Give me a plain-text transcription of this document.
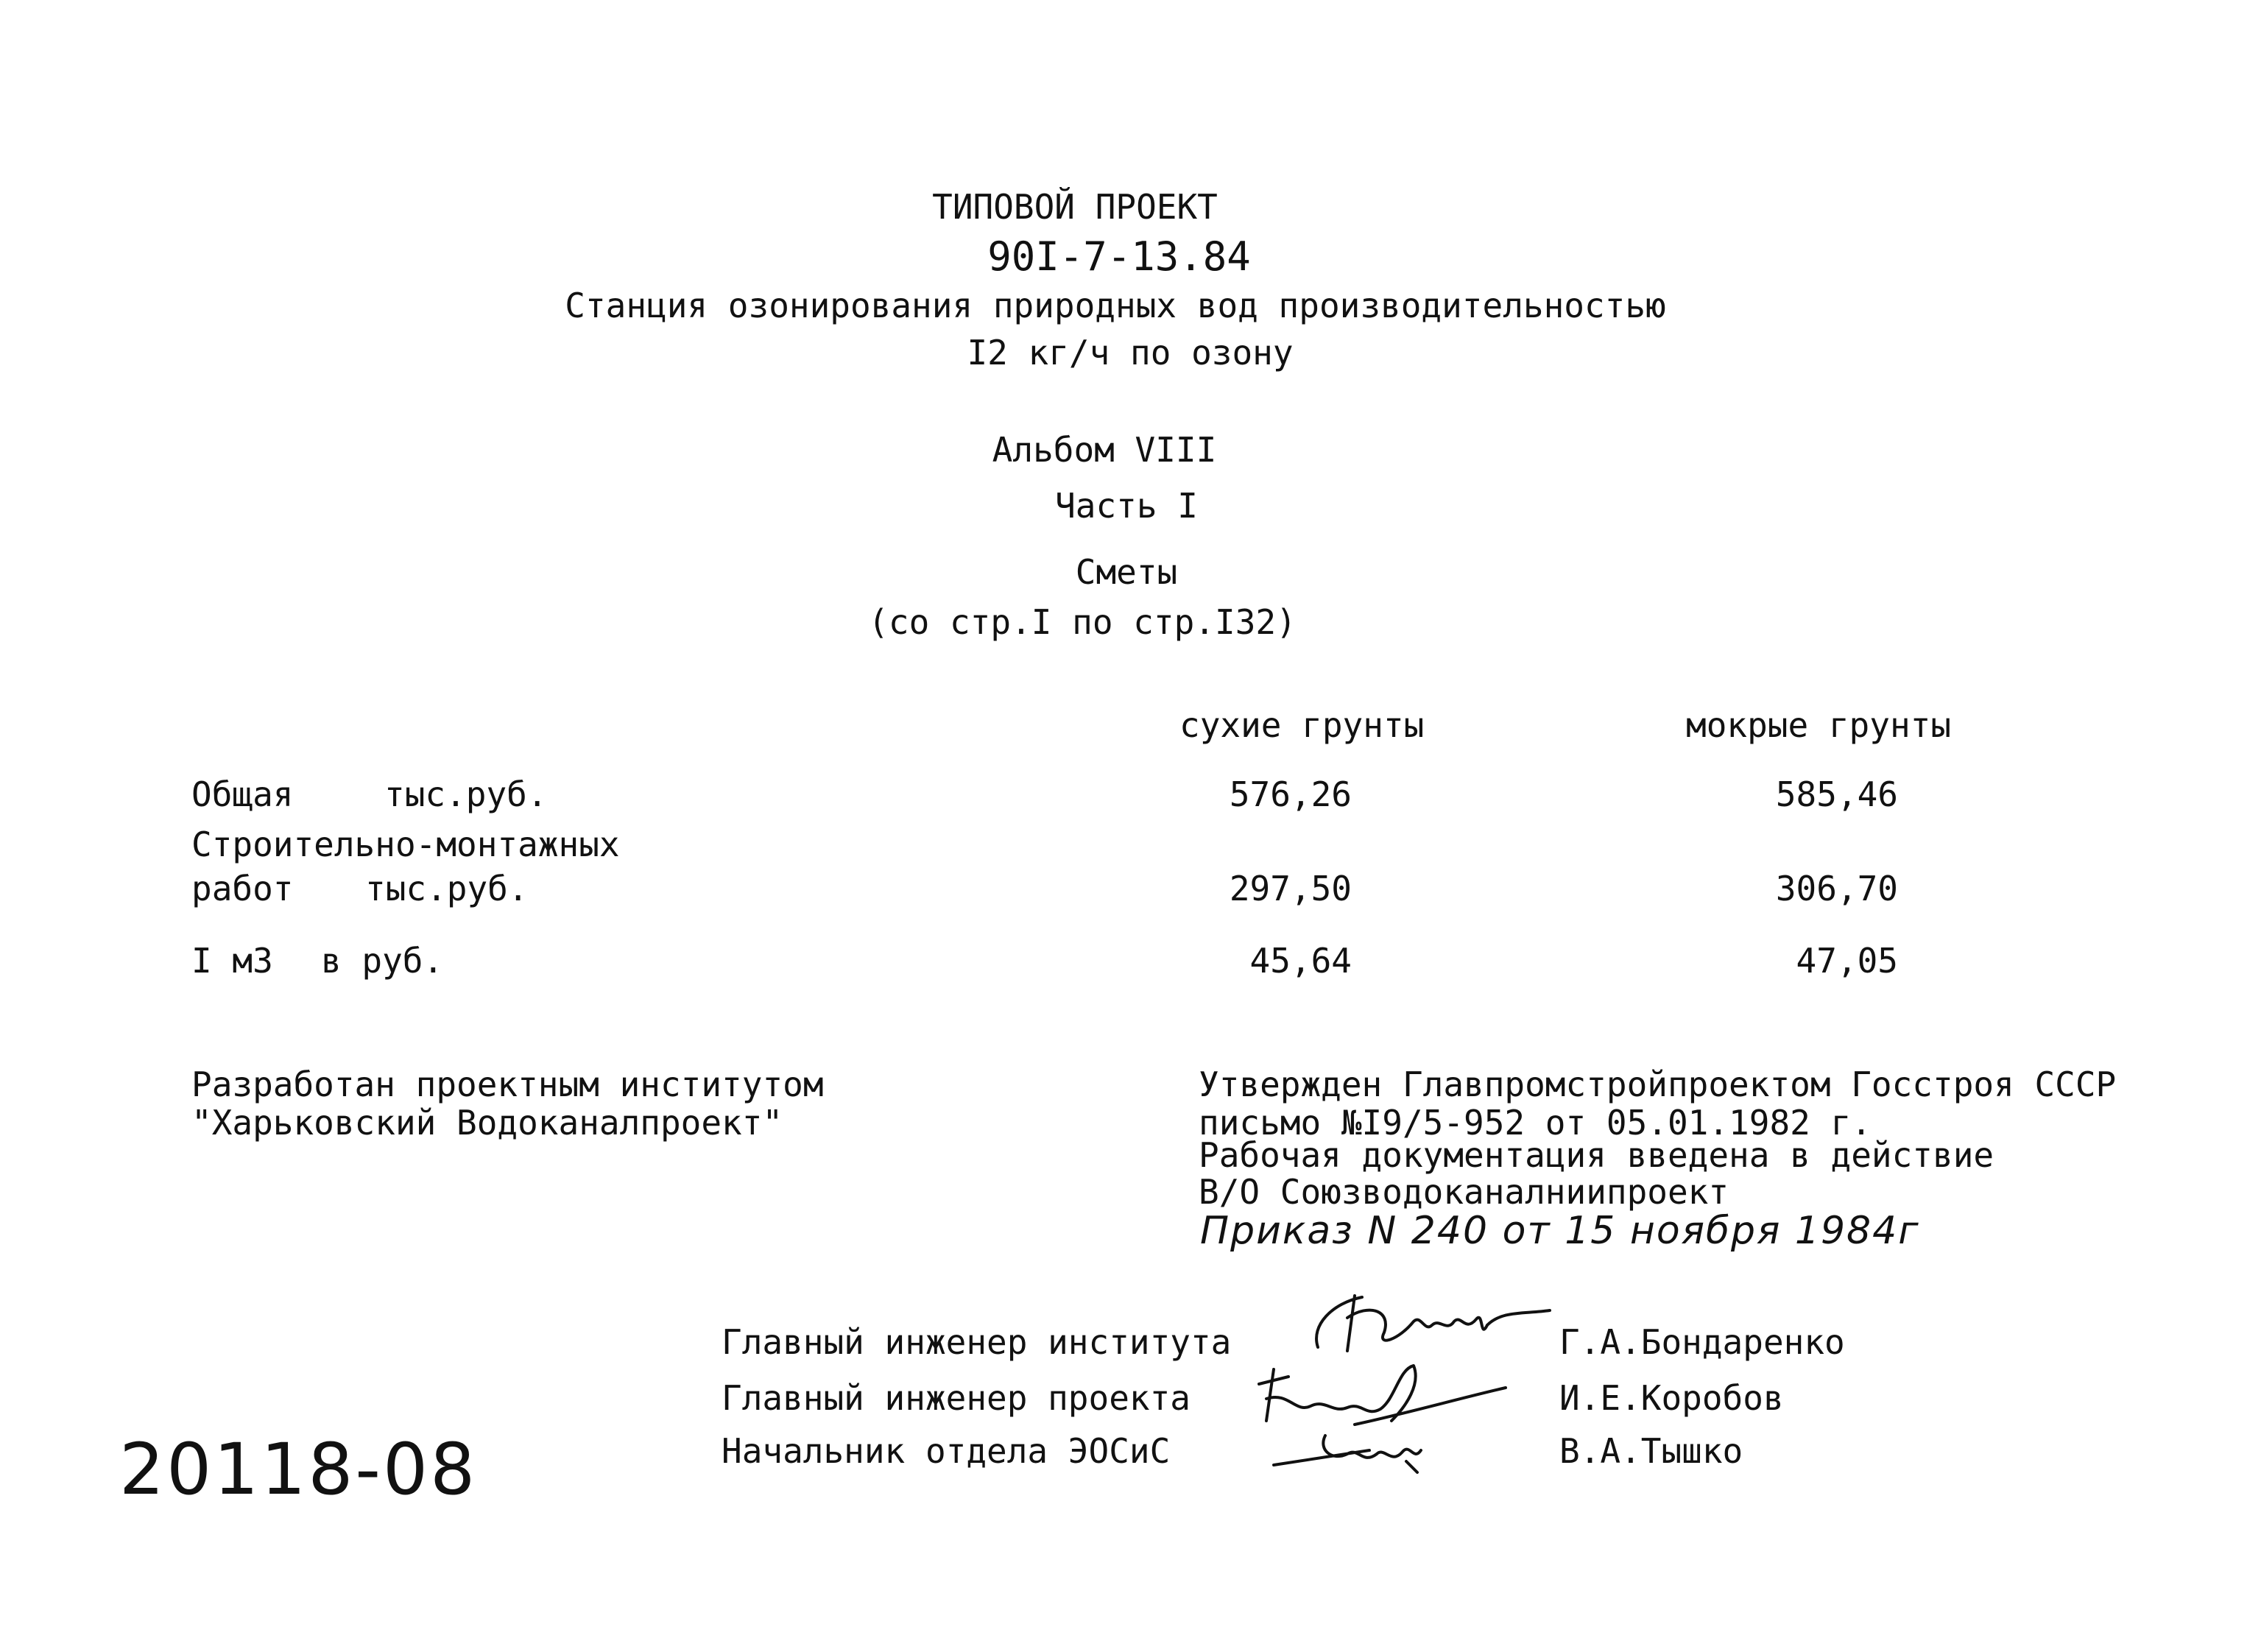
ТИПОВОЙ ПРОЕКТ
90I-7-13.84
Станция озонирования природных вод производительностью
I2 кг/ч по озону
Альбом VIII
Часть I
Сметы
(со стр.I по стр.I32)
сухие грунты	мокрые грунты
Общая	тыс.руб.	576,26	585,46
Строительно-монтажных
работ тыс.руб.	297,50	306,70
I м3 в руб.	45,64	47,05
Разработан проектным институтом
"Харьковский Водоканалпроект"
Утвержден Главпромстройпроектом Госстроя СССР
письмо №I9/5-952 от 05.01.1982 г.
Рабочая документация введена в действие
В/О Союзводоканалниипроект
Приказ N 240 от 15 ноября 1984г
Главный инженер института	Г.А.Бондаренко
Главный инженер проекта	И.Е.Коробов
Начальник отдела ЭОСиС	В.А.Тышко
20118-08
